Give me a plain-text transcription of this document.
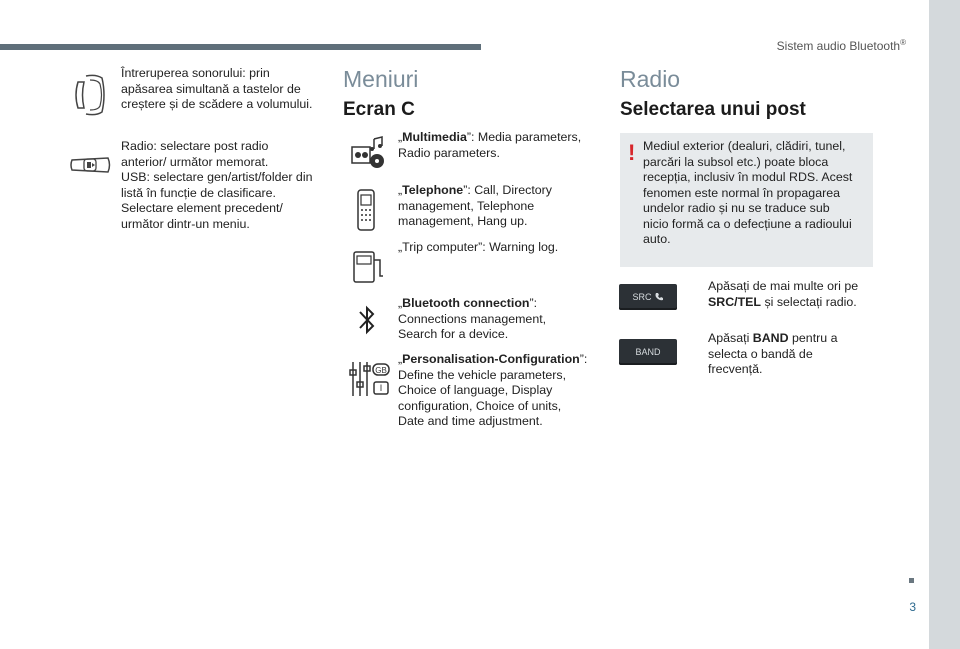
Sistem audio Bluetooth®
3
Întreruperea sonorului: prin apăsarea simultană a tastelor de creștere și de scădere a volumului.
Radio: selectare post radio anterior/ următor memorat.
USB: selectare gen/artist/folder din listă în funcție de clasificare.
Selectare element precedent/ următor dintr-un meniu.
Meniuri
Ecran C
„Multimedia”: Media parameters, Radio parameters.
„Telephone”: Call, Directory management, Telephone management, Hang up.
„Trip computer”: Warning log.
„Bluetooth connection”: Connections management, Search for a device.
GB
I
„Personalisation-Configuration”: Define the vehicle parameters, Choice of language, Display configuration, Choice of units, Date and time adjustment.
Radio
Selectarea unui post
! Mediul exterior (dealuri, clădiri, tunel, parcări la subsol etc.) poate bloca recepția, inclusiv în modul RDS. Acest fenomen este normal în propagarea undelor radio și nu se traduce sub nicio formă ca o defecțiune a radioului auto.
SRC
Apăsați de mai multe ori pe SRC/TEL și selectați radio.
BAND
Apăsați BAND pentru a selecta o bandă de frecvență.
